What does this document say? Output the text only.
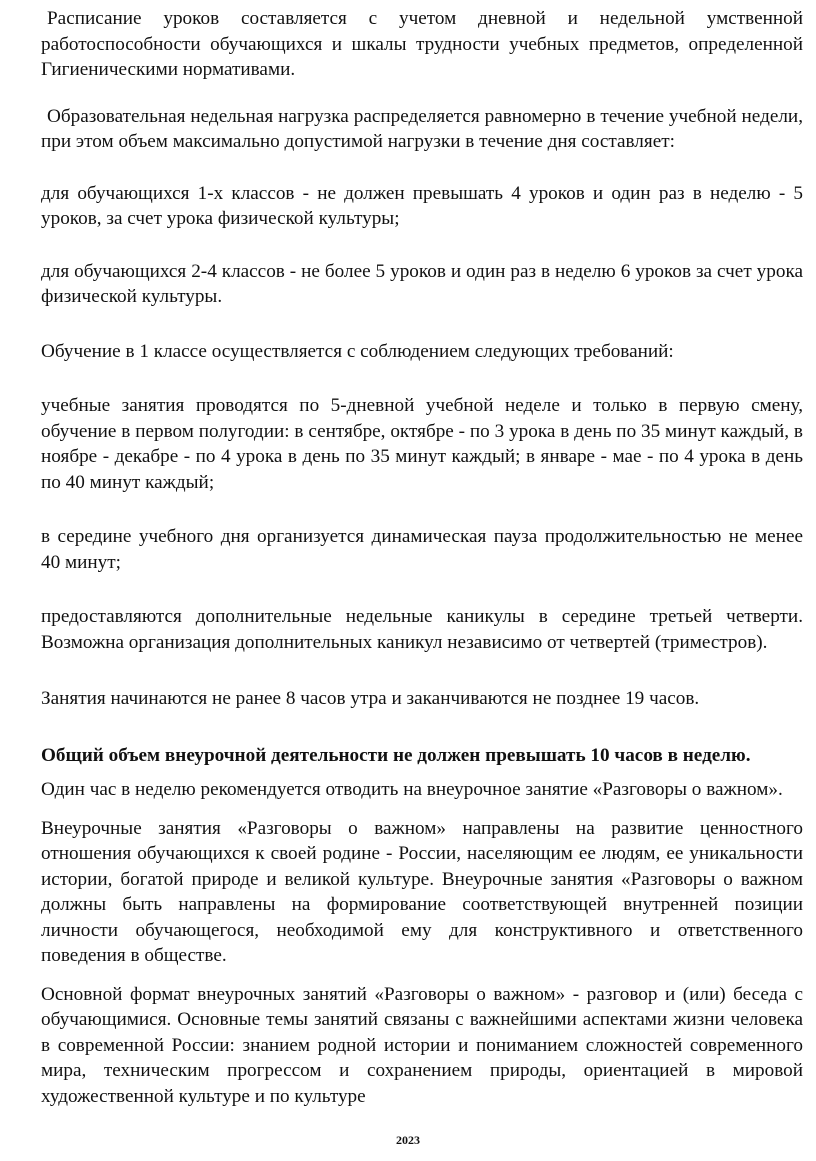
Расписание уроков составляется с учетом дневной и недельной умственной работоспособности обучающихся и шкалы трудности учебных предметов, определенной Гигиеническими нормативами.

Образовательная недельная нагрузка распределяется равномерно в течение учебной недели, при этом объем максимально допустимой нагрузки в течение дня составляет:

для обучающихся 1-х классов - не должен превышать 4 уроков и один раз в неделю - 5 уроков, за счет урока физической культуры;

для обучающихся 2-4 классов - не более 5 уроков и один раз в неделю 6 уроков за счет урока физической культуры.

Обучение в 1 классе осуществляется с соблюдением следующих требований:

учебные занятия проводятся по 5-дневной учебной неделе и только в первую смену, обучение в первом полугодии: в сентябре, октябре - по 3 урока в день по 35 минут каждый, в ноябре - декабре - по 4 урока в день по 35 минут каждый; в январе - мае - по 4 урока в день по 40 минут каждый;

в середине учебного дня организуется динамическая пауза продолжительностью не менее 40 минут;

предоставляются дополнительные недельные каникулы в середине третьей четверти. Возможна организация дополнительных каникул независимо от четвертей (триместров).

Занятия начинаются не ранее 8 часов утра и заканчиваются не позднее 19 часов.

Общий объем внеурочной деятельности не должен превышать 10 часов в неделю.

Один час в неделю рекомендуется отводить на внеурочное занятие «Разговоры о важном».

Внеурочные занятия «Разговоры о важном» направлены на развитие ценностного отношения обучающихся к своей родине - России, населяющим ее людям, ее уникальности истории, богатой природе и великой культуре. Внеурочные занятия «Разговоры о важном должны быть направлены на формирование соответствующей внутренней позиции личности обучающегося, необходимой ему для конструктивного и ответственного поведения в обществе.

Основной формат внеурочных занятий «Разговоры о важном» - разговор и (или) беседа с обучающимися. Основные темы занятий связаны с важнейшими аспектами жизни человека в современной России: знанием родной истории и пониманием сложностей современного мира, техническим прогрессом и сохранением природы, ориентацией в мировой художественной культуре и по культуре

2023
